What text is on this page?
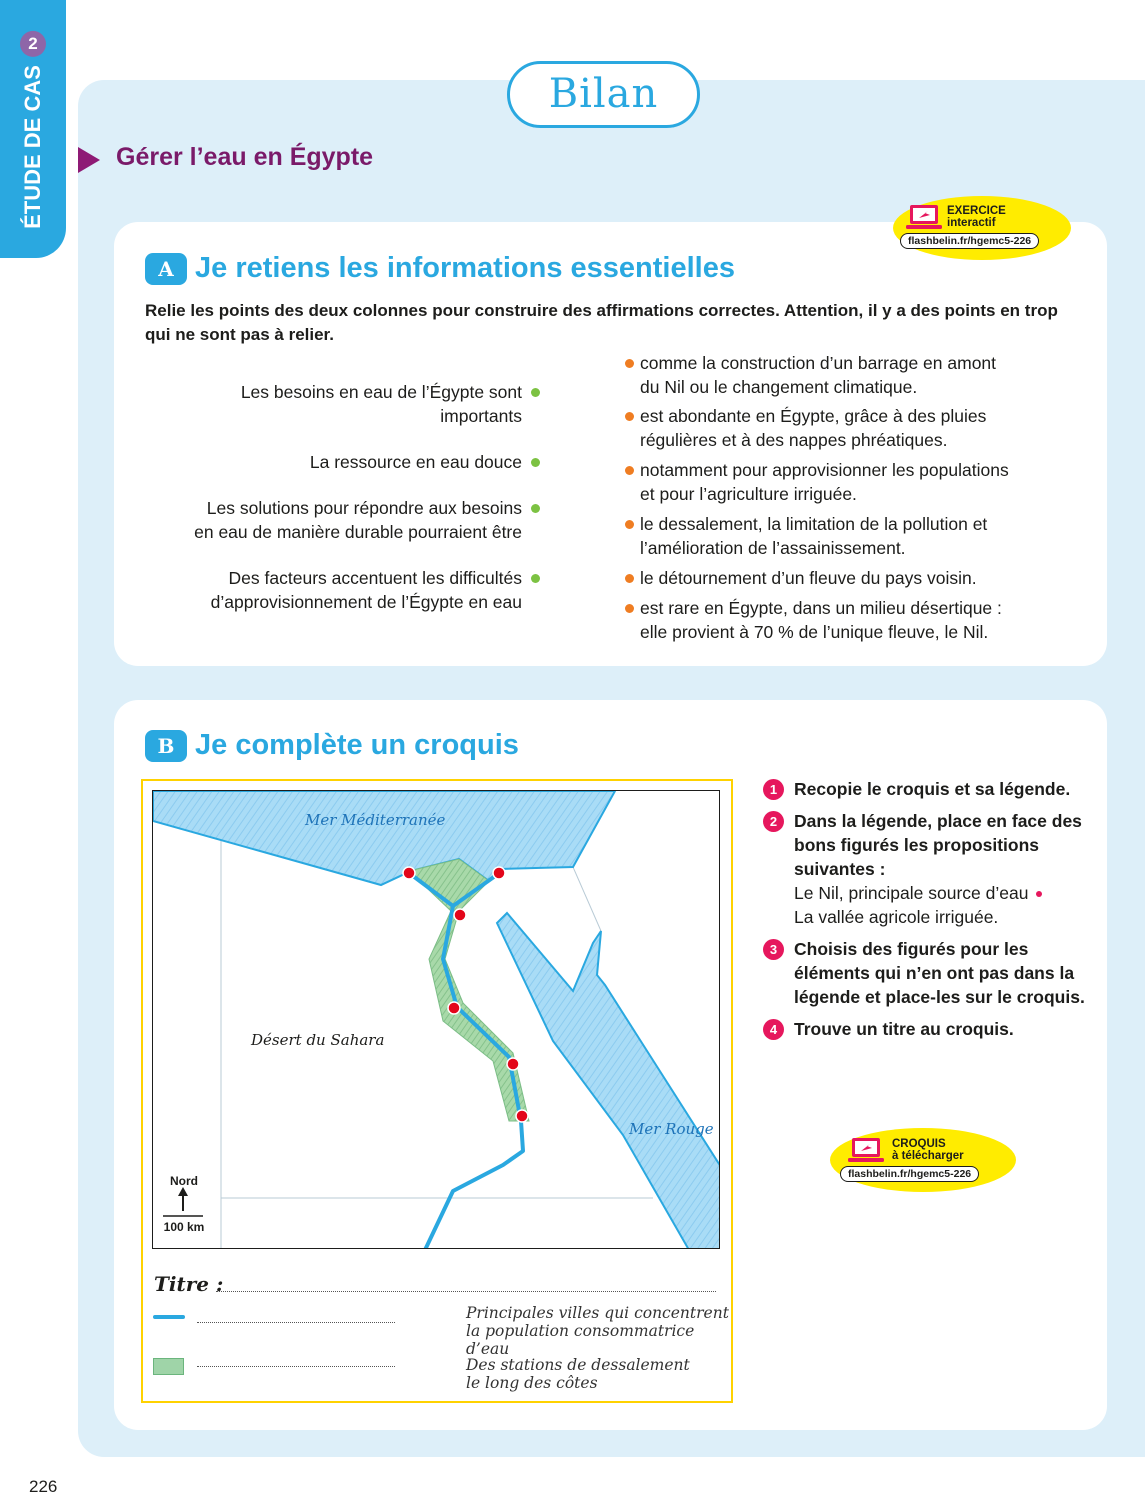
ÉTUDE DE CAS
2
Bilan
Gérer l’eau en Égypte
EXERCICE
interactif
flashbelin.fr/hgemc5-226
A Je retiens les informations essentielles
Relie les points des deux colonnes pour construire des affirmations correctes. Attention, il y a des points en trop qui ne sont pas à relier.
Les besoins en eau de l’Égypte sont
importants
La ressource en eau douce
Les solutions pour répondre aux besoins
en eau de manière durable pourraient être
Des facteurs accentuent les difficultés
d’approvisionnement de l’Égypte en eau
comme la construction d’un barrage en amont
du Nil ou le changement climatique.
est abondante en Égypte, grâce à des pluies
régulières et à des nappes phréatiques.
notamment pour approvisionner les populations
et pour l’agriculture irriguée.
le dessalement, la limitation de la pollution et
l’amélioration de l’assainissement.
le détournement d’un fleuve du pays voisin.
est rare en Égypte, dans un milieu désertique :
elle provient à 70 % de l’unique fleuve, le Nil.
B Je complète un croquis
Mer Méditerranée
Mer Rouge
Désert du Sahara
Nord
100 km
Titre :
Principales villes qui concentrent
la population consommatrice d’eau
Des stations de dessalement
le long des côtes
1 Recopie le croquis et sa légende.
2 Dans la légende, place en face des bons figurés les propositions suivantes :
Le Nil, principale source d’eau
La vallée agricole irriguée.
3 Choisis des figurés pour les éléments qui n’en ont pas dans la légende et place-les sur le croquis.
4 Trouve un titre au croquis.
CROQUIS
à télécharger
flashbelin.fr/hgemc5-226
226
